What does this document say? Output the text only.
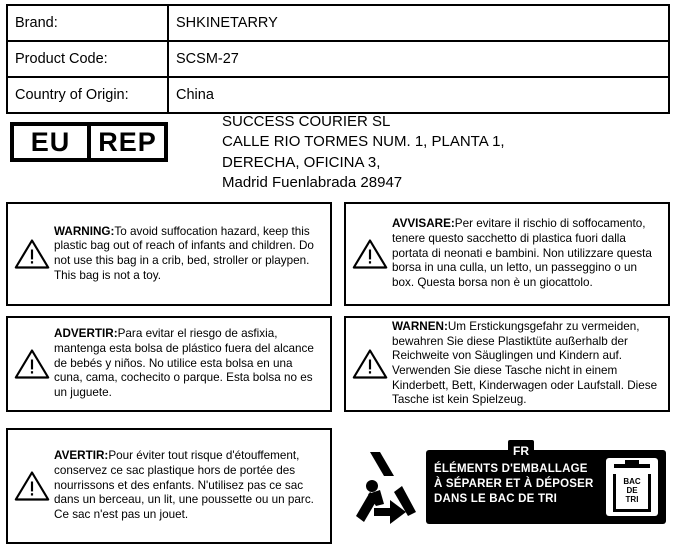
Brand:	SHKINETARRY
Product Code:	SCSM-27
Country of Origin:	China
EU	REP
SUCCESS COURIER SL
CALLE RIO TORMES NUM. 1, PLANTA 1,
DERECHA, OFICINA 3,
Madrid Fuenlabrada 28947
WARNING:To avoid suffocation hazard, keep this plastic bag out of reach of infants and children. Do not use this bag in a crib, bed, stroller or playpen. This bag is not a toy.
AVVISARE:Per evitare il rischio di soffocamento, tenere questo sacchetto di plastica fuori dalla portata di neonati e bambini. Non utilizzare questa borsa in una culla, un letto, un passeggino o un box. Questa borsa non è un giocattolo.
ADVERTIR:Para evitar el riesgo de asfixia, mantenga esta bolsa de plástico fuera del alcance de bebés y niños. No utilice esta bolsa en una cuna, cama, cochecito o parque. Esta bolsa no es un juguete.
WARNEN:Um Erstickungsgefahr zu vermeiden, bewahren Sie diese Plastiktüte außerhalb der Reichweite von Säuglingen und Kindern auf. Verwenden Sie diese Tasche nicht in einem Kinderbett, Bett, Kinderwagen oder Laufstall. Diese Tasche ist kein Spielzeug.
AVERTIR:Pour éviter tout risque d'étouffement, conservez ce sac plastique hors de portée des nourrissons et des enfants. N'utilisez pas ce sac dans un berceau, un lit, une poussette ou un parc. Ce sac n'est pas un jouet.
FR
ÉLÉMENTS D'EMBALLAGE
À SÉPARER ET À DÉPOSER
DANS LE BAC DE TRI
BAC
DE
TRI
